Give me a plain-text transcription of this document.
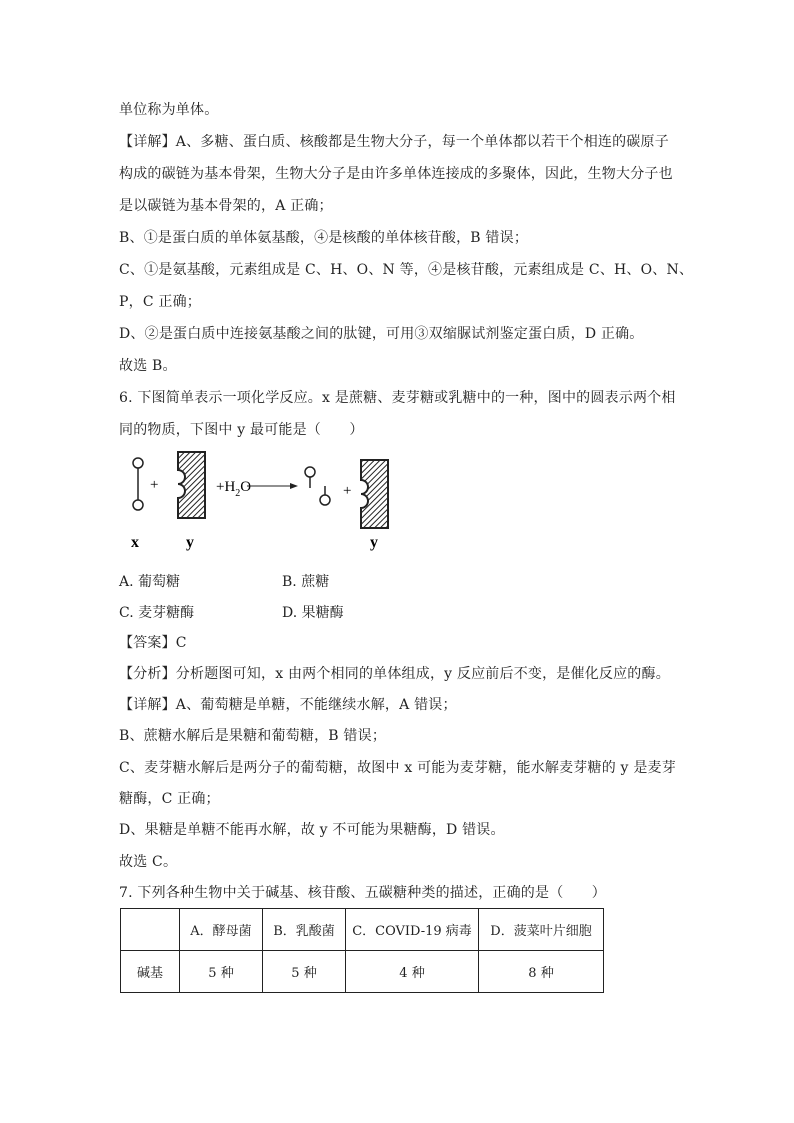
单位称为单体。
【详解】A、多糖、蛋白质、核酸都是生物大分子，每一个单体都以若干个相连的碳原子
构成的碳链为基本骨架，生物大分子是由许多单体连接成的多聚体，因此，生物大分子也
是以碳链为基本骨架的，A 正确；
B、①是蛋白质的单体氨基酸，④是核酸的单体核苷酸，B 错误；
C、①是氨基酸，元素组成是 C、H、O、N 等，④是核苷酸，元素组成是 C、H、O、N、
P，C 正确；
D、②是蛋白质中连接氨基酸之间的肽键，可用③双缩脲试剂鉴定蛋白质，D 正确。
故选 B。
6. 下图简单表示一项化学反应。x 是蔗糖、麦芽糖或乳糖中的一种，图中的圆表示两个相
同的物质，下图中 y 最可能是（　　）
+	$+H_2O$	+
x	y	y
A. 葡萄糖	B. 蔗糖
C. 麦芽糖酶	D. 果糖酶
【答案】C
【分析】分析题图可知，x 由两个相同的单体组成，y 反应前后不变，是催化反应的酶。
【详解】A、葡萄糖是单糖，不能继续水解，A 错误；
B、蔗糖水解后是果糖和葡萄糖，B 错误；
C、麦芽糖水解后是两分子的葡萄糖，故图中 x 可能为麦芽糖，能水解麦芽糖的 y 是麦芽
糖酶，C 正确；
D、果糖是单糖不能再水解，故 y 不可能为果糖酶，D 错误。
故选 C。
7. 下列各种生物中关于碱基、核苷酸、五碳糖种类的描述，正确的是（　　）
	A．酵母菌	B．乳酸菌	C．COVID-19 病毒	D．菠菜叶片细胞
碱基	5 种	5 种	4 种	8 种
